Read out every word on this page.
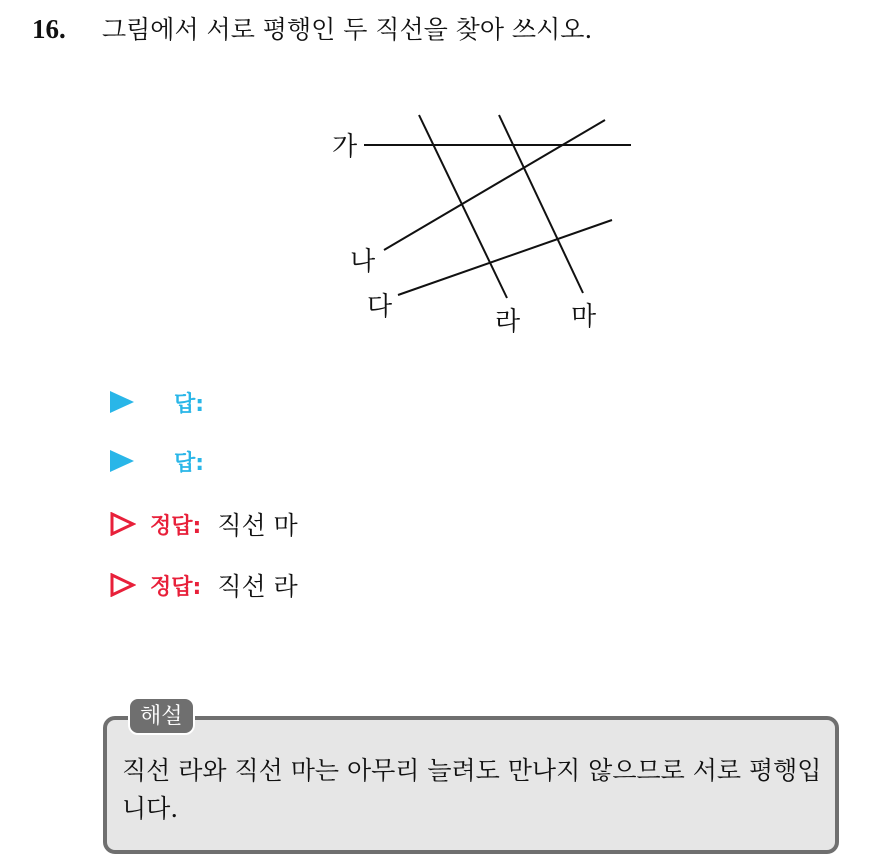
16. 그림에서 서로 평행인 두 직선을 찾아 쓰시오.
가
나
다	라 마
답:
답:
정답: 직선 마
정답: 직선 라
해설
직선 라와 직선 마는 아무리 늘려도 만나지 않으므로 서로 평행입니다.
